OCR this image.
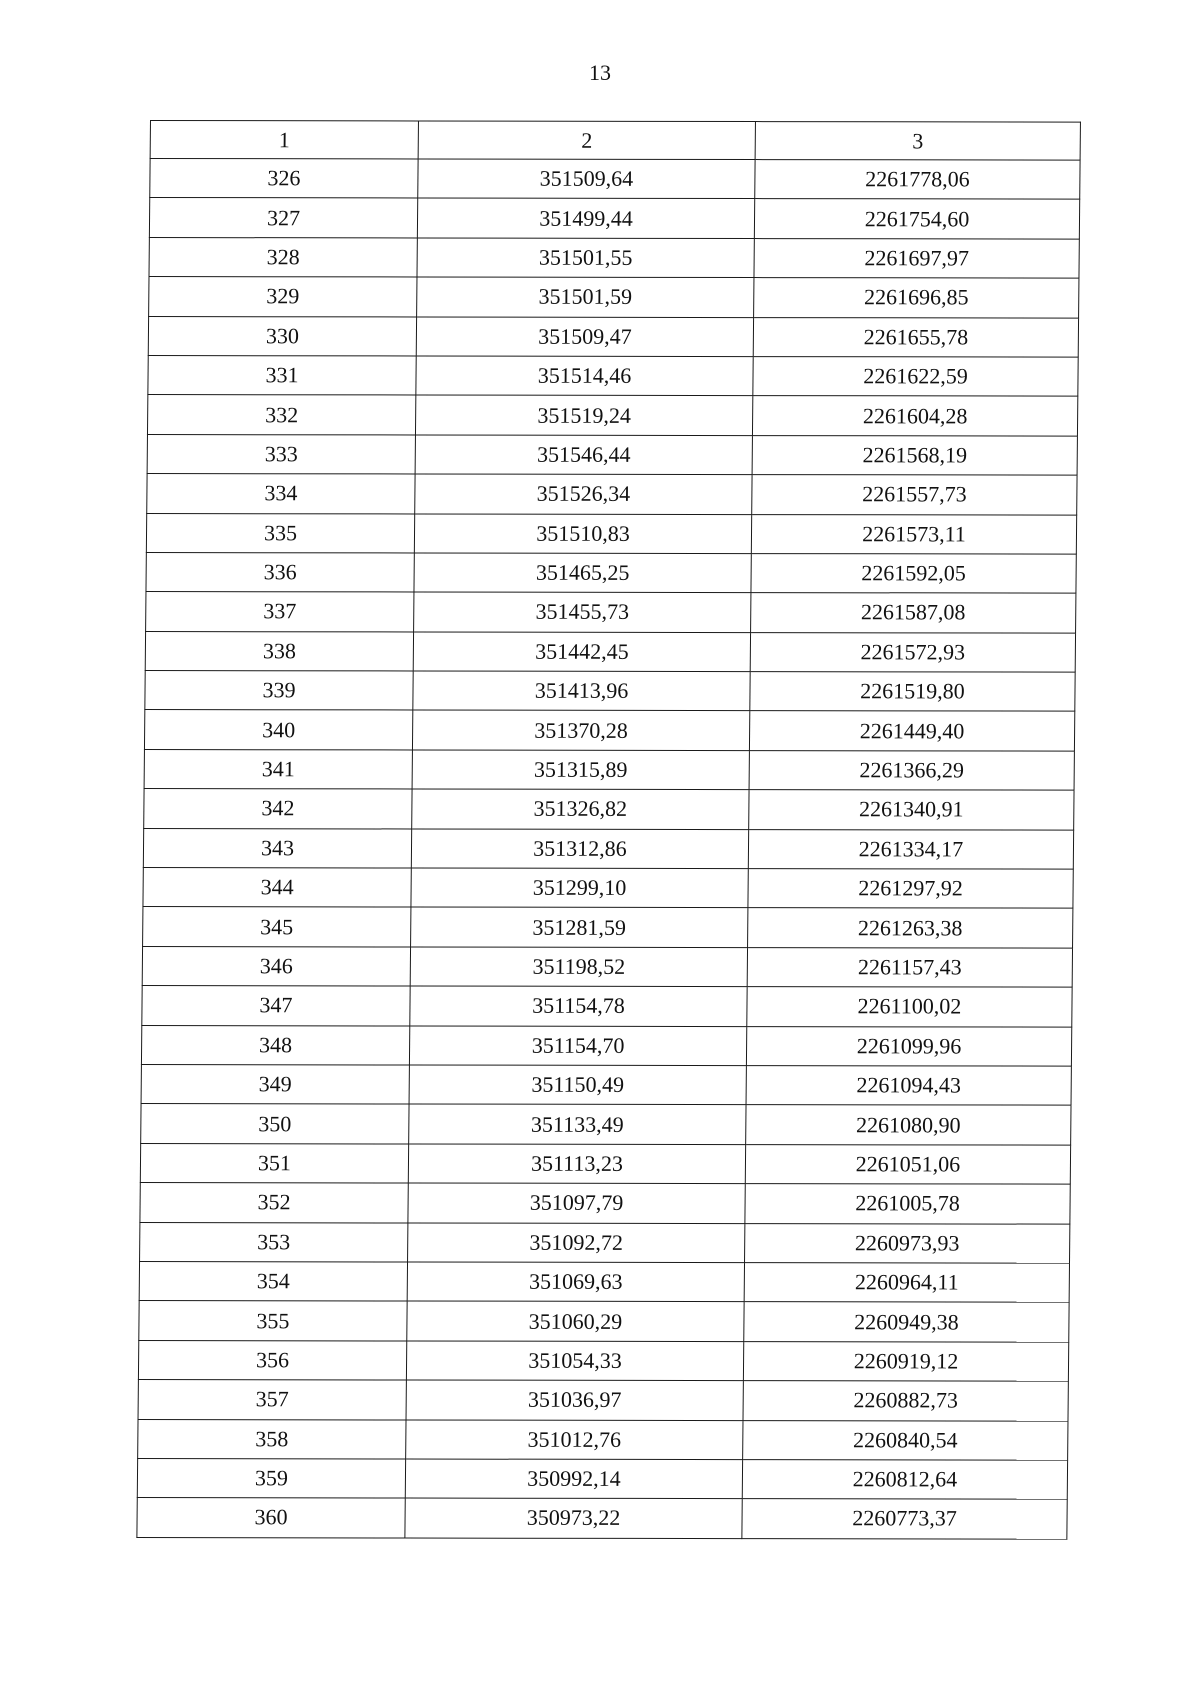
13
1	2	3
326	351509,64	2261778,06
327	351499,44	2261754,60
328	351501,55	2261697,97
329	351501,59	2261696,85
330	351509,47	2261655,78
331	351514,46	2261622,59
332	351519,24	2261604,28
333	351546,44	2261568,19
334	351526,34	2261557,73
335	351510,83	2261573,11
336	351465,25	2261592,05
337	351455,73	2261587,08
338	351442,45	2261572,93
339	351413,96	2261519,80
340	351370,28	2261449,40
341	351315,89	2261366,29
342	351326,82	2261340,91
343	351312,86	2261334,17
344	351299,10	2261297,92
345	351281,59	2261263,38
346	351198,52	2261157,43
347	351154,78	2261100,02
348	351154,70	2261099,96
349	351150,49	2261094,43
350	351133,49	2261080,90
351	351113,23	2261051,06
352	351097,79	2261005,78
353	351092,72	2260973,93
354	351069,63	2260964,11
355	351060,29	2260949,38
356	351054,33	2260919,12
357	351036,97	2260882,73
358	351012,76	2260840,54
359	350992,14	2260812,64
360	350973,22	2260773,37
